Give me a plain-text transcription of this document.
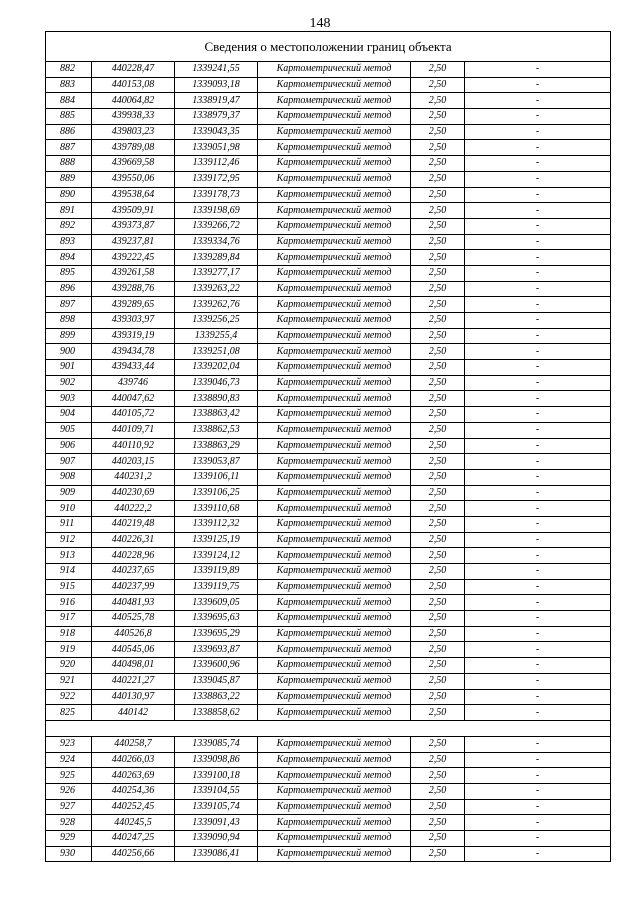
148
Сведения о местоположении границ объекта					
882	440228,47	1339241,55	Картометрический метод	2,50	-
883	440153,08	1339093,18	Картометрический метод	2,50	-
884	440064,82	1338919,47	Картометрический метод	2,50	-
885	439938,33	1338979,37	Картометрический метод	2,50	-
886	439803,23	1339043,35	Картометрический метод	2,50	-
887	439789,08	1339051,98	Картометрический метод	2,50	-
888	439669,58	1339112,46	Картометрический метод	2,50	-
889	439550,06	1339172,95	Картометрический метод	2,50	-
890	439538,64	1339178,73	Картометрический метод	2,50	-
891	439509,91	1339198,69	Картометрический метод	2,50	-
892	439373,87	1339266,72	Картометрический метод	2,50	-
893	439237,81	1339334,76	Картометрический метод	2,50	-
894	439222,45	1339289,84	Картометрический метод	2,50	-
895	439261,58	1339277,17	Картометрический метод	2,50	-
896	439288,76	1339263,22	Картометрический метод	2,50	-
897	439289,65	1339262,76	Картометрический метод	2,50	-
898	439303,97	1339256,25	Картометрический метод	2,50	-
899	439319,19	1339255,4	Картометрический метод	2,50	-
900	439434,78	1339251,08	Картометрический метод	2,50	-
901	439433,44	1339202,04	Картометрический метод	2,50	-
902	439746	1339046,73	Картометрический метод	2,50	-
903	440047,62	1338890,83	Картометрический метод	2,50	-
904	440105,72	1338863,42	Картометрический метод	2,50	-
905	440109,71	1338862,53	Картометрический метод	2,50	-
906	440110,92	1338863,29	Картометрический метод	2,50	-
907	440203,15	1339053,87	Картометрический метод	2,50	-
908	440231,2	1339106,11	Картометрический метод	2,50	-
909	440230,69	1339106,25	Картометрический метод	2,50	-
910	440222,2	1339110,68	Картометрический метод	2,50	-
911	440219,48	1339112,32	Картометрический метод	2,50	-
912	440226,31	1339125,19	Картометрический метод	2,50	-
913	440228,96	1339124,12	Картометрический метод	2,50	-
914	440237,65	1339119,89	Картометрический метод	2,50	-
915	440237,99	1339119,75	Картометрический метод	2,50	-
916	440481,93	1339609,05	Картометрический метод	2,50	-
917	440525,78	1339695,63	Картометрический метод	2,50	-
918	440526,8	1339695,29	Картометрический метод	2,50	-
919	440545,06	1339693,87	Картометрический метод	2,50	-
920	440498,01	1339600,96	Картометрический метод	2,50	-
921	440221,27	1339045,87	Картометрический метод	2,50	-
922	440130,97	1338863,22	Картометрический метод	2,50	-
825	440142	1338858,62	Картометрический метод	2,50	-

923	440258,7	1339085,74	Картометрический метод	2,50	-
924	440266,03	1339098,86	Картометрический метод	2,50	-
925	440263,69	1339100,18	Картометрический метод	2,50	-
926	440254,36	1339104,55	Картометрический метод	2,50	-
927	440252,45	1339105,74	Картометрический метод	2,50	-
928	440245,5	1339091,43	Картометрический метод	2,50	-
929	440247,25	1339090,94	Картометрический метод	2,50	-
930	440256,66	1339086,41	Картометрический метод	2,50	-
